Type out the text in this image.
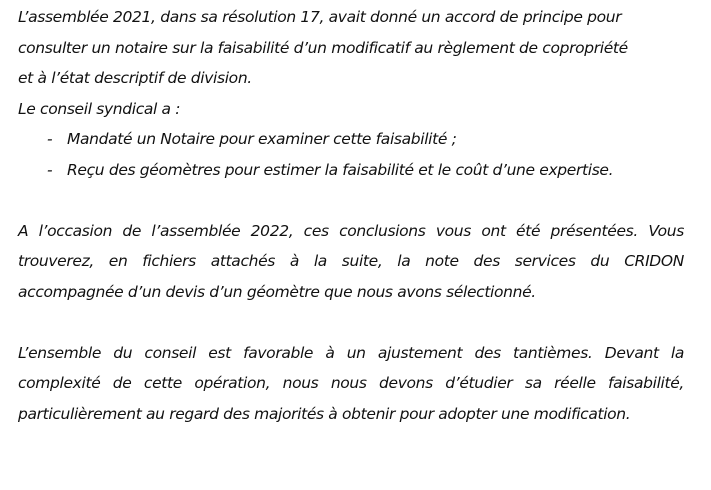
L’assemblée 2021, dans sa résolution 17, avait donné un accord de principe pour
consulter un notaire sur la faisabilité d’un modificatif au règlement de copropriété
et à l’état descriptif de division.
Le conseil syndical a :
- Mandaté un Notaire pour examiner cette faisabilité ;
- Reçu des géomètres pour estimer la faisabilité et le coût d’une expertise.
A l’occasion de l’assemblée 2022, ces conclusions vous ont été présentées. Vous
trouverez, en fichiers attachés à la suite, la note des services du CRIDON
accompagnée d’un devis d’un géomètre que nous avons sélectionné.
L’ensemble du conseil est favorable à un ajustement des tantièmes. Devant la
complexité de cette opération, nous nous devons d’étudier sa réelle faisabilité,
particulièrement au regard des majorités à obtenir pour adopter une modification.
